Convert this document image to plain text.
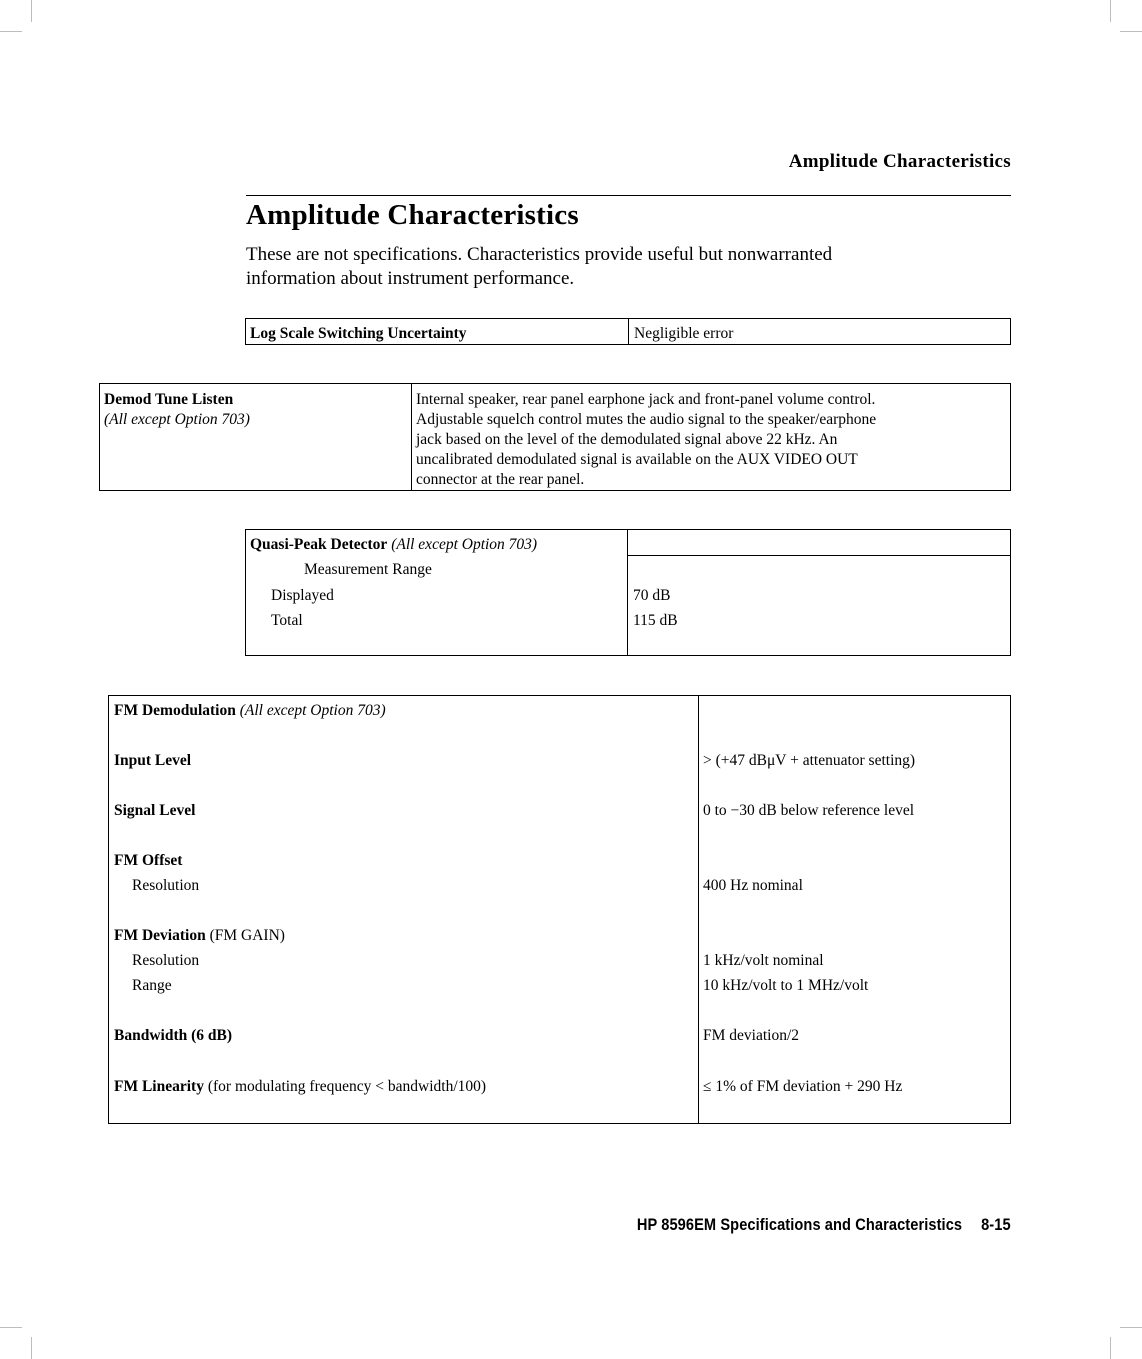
Amplitude Characteristics
Amplitude Characteristics
These are not specifications. Characteristics provide useful but nonwarranted
information about instrument performance.
Log Scale Switching Uncertainty	Negligible error
Demod Tune Listen
(All except Option 703)
Internal speaker, rear panel earphone jack and front-panel volume control.
Adjustable squelch control mutes the audio signal to the speaker/earphone
jack based on the level of the demodulated signal above 22 kHz. An
uncalibrated demodulated signal is available on the AUX VIDEO OUT
connector at the rear panel.
Quasi-Peak Detector (All except Option 703)
Measurement Range
Displayed	70 dB
Total	115 dB
FM Demodulation (All except Option 703)
Input Level	> (+47 dBμV + attenuator setting)
Signal Level	0 to −30 dB below reference level
FM Offset
Resolution	400 Hz nominal
FM Deviation (FM GAIN)
Resolution	1 kHz/volt nominal
Range	10 kHz/volt to 1 MHz/volt
Bandwidth (6 dB)	FM deviation/2
FM Linearity (for modulating frequency < bandwidth/100)	≤ 1% of FM deviation + 290 Hz
HP 8596EM Specifications and Characteristics 8-15
